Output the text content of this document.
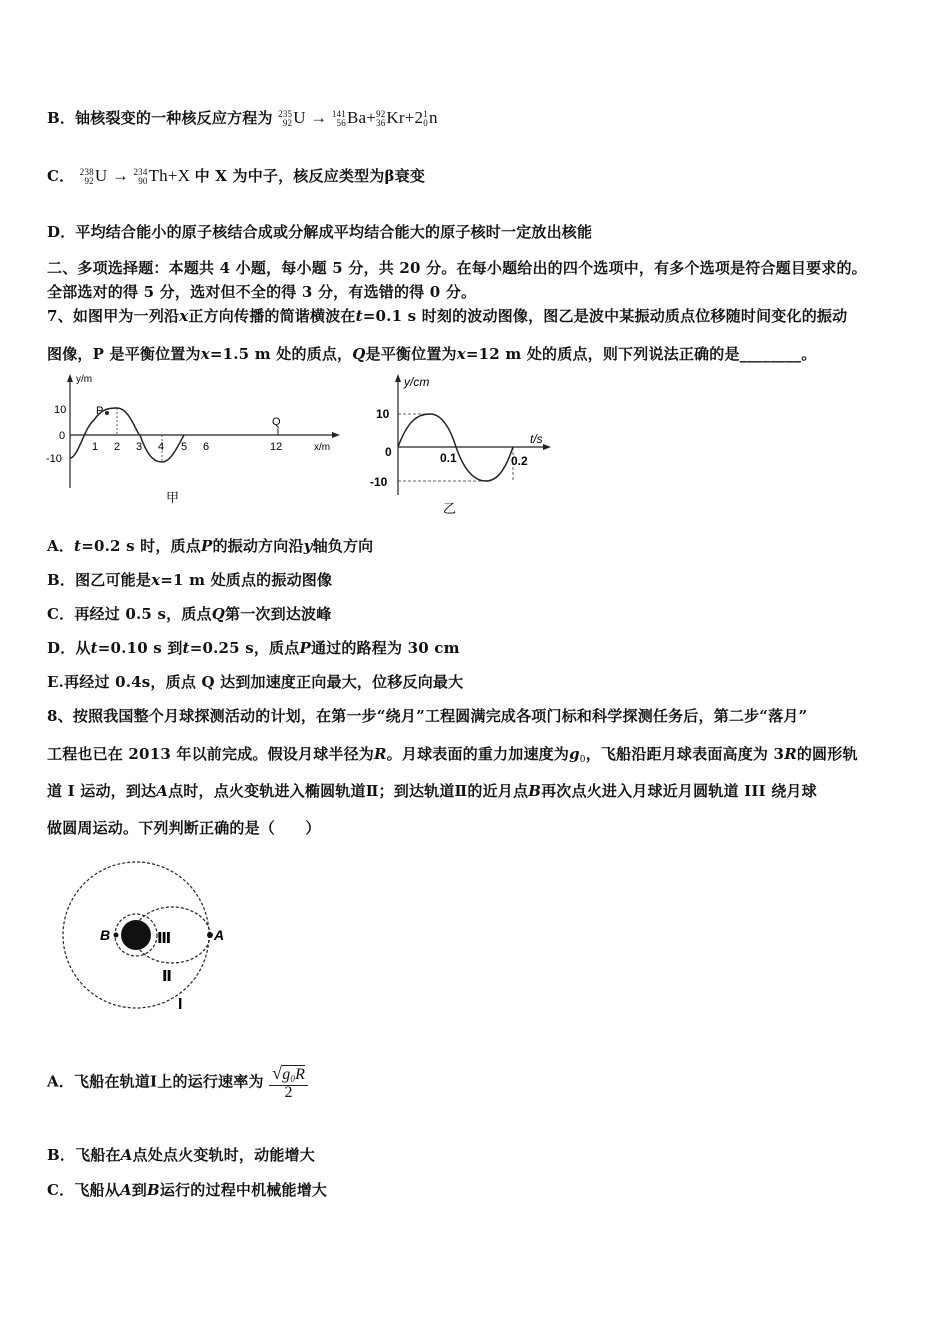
B．铀核裂变的一种核反应方程为 235
92U → 141
56Ba+92
36Kr+21
0n
C． 238
92U → 234
90Th+X 中 X 为中子，核反应类型为β衰变
D．平均结合能小的原子核结合成或分解成平均结合能大的原子核时一定放出核能
二、多项选择题：本题共 4 小题，每小题 5 分，共 20 分。在每小题给出的四个选项中，有多个选项是符合题目要求的。
全部选对的得 5 分，选对但不全的得 3 分，有选错的得 0 分。
7、如图甲为一列沿x正方向传播的简谐横波在t=0.1 s 时刻的波动图像，图乙是波中某振动质点位移随时间变化的振动
图像，P 是平衡位置为x=1.5 m 处的质点，Q是平衡位置为x=12 m 处的质点，则下列说法正确的是________。
y/m
x/m
10
0
-10
P
Q
1 2 3 4 5 6	12
甲
y/cm
t/s
10
0
-10
0.1	0.2
乙
A．t=0.2 s 时，质点P的振动方向沿y轴负方向
B．图乙可能是x=1 m 处质点的振动图像
C．再经过 0.5 s，质点Q第一次到达波峰
D．从t=0.10 s 到t=0.25 s，质点P通过的路程为 30 cm
E.再经过 0.4s，质点 Q 达到加速度正向最大，位移反向最大
8、按照我国整个月球探测活动的计划，在第一步“绕月”工程圆满完成各项门标和科学探测任务后，第二步“落月”
工程也已在 2013 年以前完成。假设月球半径为R。月球表面的重力加速度为$g_0$，飞船沿距月球表面高度为 3R的圆形轨
道 I 运动，到达A点时，点火变轨进入椭圆轨道Ⅱ；到达轨道Ⅱ的近月点B再次点火进入月球近月圆轨道 III 绕月球
做圆周运动。下列判断正确的是（　　）
B	A
Ⅲ
Ⅱ
I
A．飞船在轨道Ⅰ上的运行速率为 $\frac{√g_0R}{2}$
B．飞船在A点处点火变轨时，动能增大
C．飞船从A到B运行的过程中机械能增大
